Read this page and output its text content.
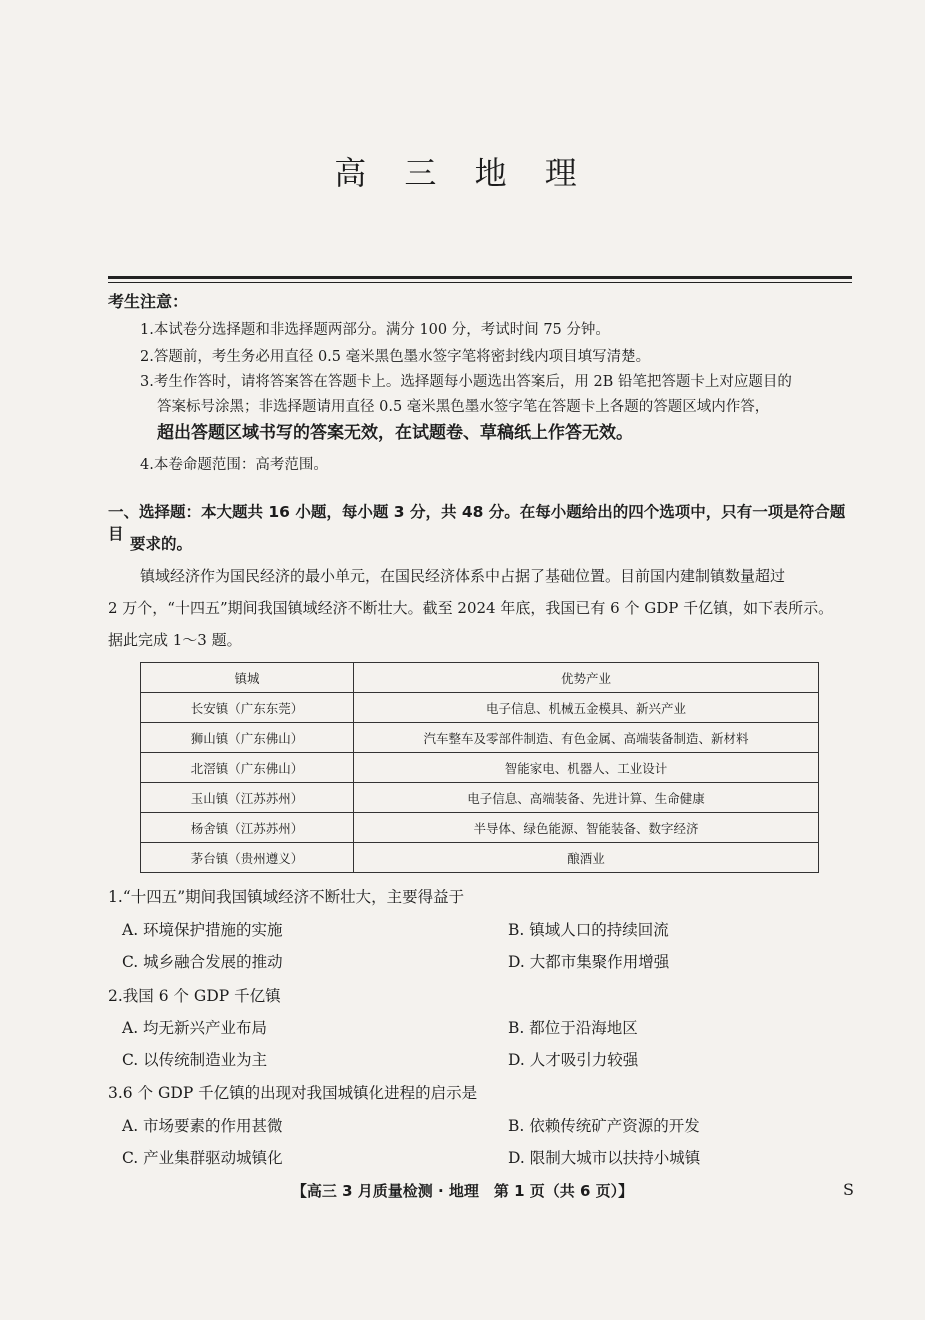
高 三 地 理
考生注意：
1.本试卷分选择题和非选择题两部分。满分 100 分，考试时间 75 分钟。
2.答题前，考生务必用直径 0.5 毫米黑色墨水签字笔将密封线内项目填写清楚。
3.考生作答时，请将答案答在答题卡上。选择题每小题选出答案后，用 2B 铅笔把答题卡上对应题目的
答案标号涂黑；非选择题请用直径 0.5 毫米黑色墨水签字笔在答题卡上各题的答题区域内作答，
超出答题区域书写的答案无效，在试题卷、草稿纸上作答无效。
4.本卷命题范围：高考范围。
一、选择题：本大题共 16 小题，每小题 3 分，共 48 分。在每小题给出的四个选项中，只有一项是符合题目
要求的。
镇域经济作为国民经济的最小单元，在国民经济体系中占据了基础位置。目前国内建制镇数量超过
2 万个，“十四五”期间我国镇域经济不断壮大。截至 2024 年底，我国已有 6 个 GDP 千亿镇，如下表所示。
据此完成 1～3 题。
镇城	优势产业
长安镇（广东东莞）	电子信息、机械五金模具、新兴产业
狮山镇（广东佛山）	汽车整车及零部件制造、有色金属、高端装备制造、新材料
北滘镇（广东佛山）	智能家电、机器人、工业设计
玉山镇（江苏苏州）	电子信息、高端装备、先进计算、生命健康
杨舍镇（江苏苏州）	半导体、绿色能源、智能装备、数字经济
茅台镇（贵州遵义）	酿酒业
1.“十四五”期间我国镇域经济不断壮大，主要得益于
A. 环境保护措施的实施	B. 镇域人口的持续回流
C. 城乡融合发展的推动	D. 大都市集聚作用增强
2.我国 6 个 GDP 千亿镇
A. 均无新兴产业布局	B. 都位于沿海地区
C. 以传统制造业为主	D. 人才吸引力较强
3.6 个 GDP 千亿镇的出现对我国城镇化进程的启示是
A. 市场要素的作用甚微	B. 依赖传统矿产资源的开发
C. 产业集群驱动城镇化	D. 限制大城市以扶持小城镇
【高三 3 月质量检测 · 地理　第 1 页（共 6 页）】	S
